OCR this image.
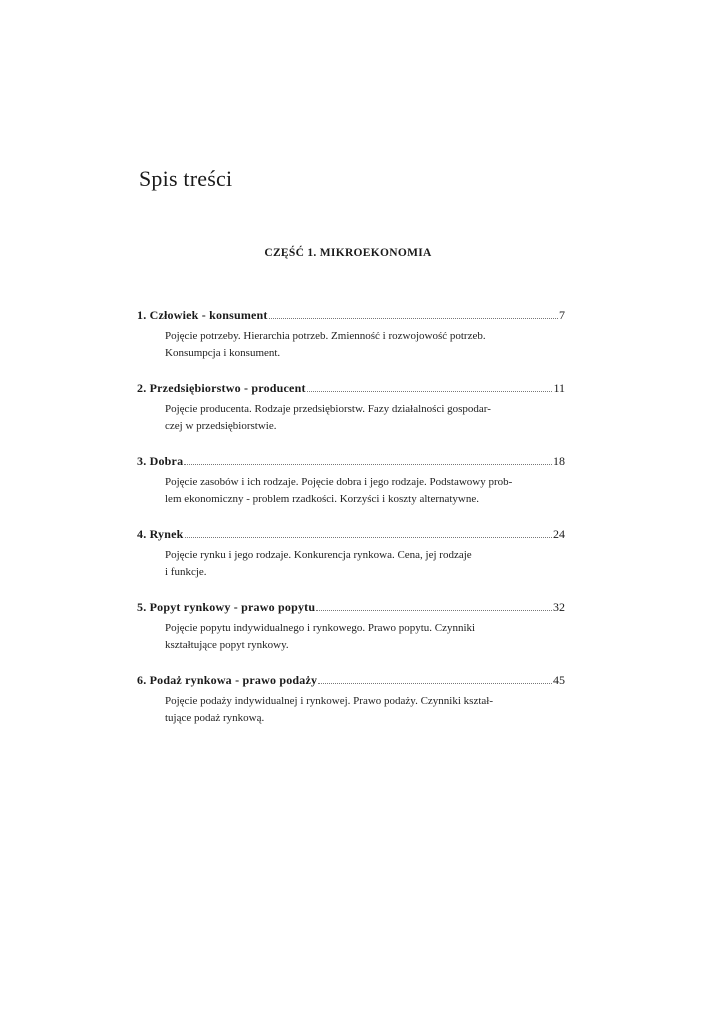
Spis treści
CZĘŚĆ 1. MIKROEKONOMIA
1. Człowiek - konsument	7
Pojęcie potrzeby. Hierarchia potrzeb. Zmienność i rozwojowość potrzeb.
Konsumpcja i konsument.
2. Przedsiębiorstwo - producent	11
Pojęcie producenta. Rodzaje przedsiębiorstw. Fazy działalności gospodar-
czej w przedsiębiorstwie.
3. Dobra	18
Pojęcie zasobów i ich rodzaje. Pojęcie dobra i jego rodzaje. Podstawowy prob-
lem ekonomiczny - problem rzadkości. Korzyści i koszty alternatywne.
4. Rynek	24
Pojęcie rynku i jego rodzaje. Konkurencja rynkowa. Cena, jej rodzaje
i funkcje.
5. Popyt rynkowy - prawo popytu	32
Pojęcie popytu indywidualnego i rynkowego. Prawo popytu. Czynniki
kształtujące popyt rynkowy.
6. Podaż rynkowa - prawo podaży	45
Pojęcie podaży indywidualnej i rynkowej. Prawo podaży. Czynniki kształ-
tujące podaż rynkową.
